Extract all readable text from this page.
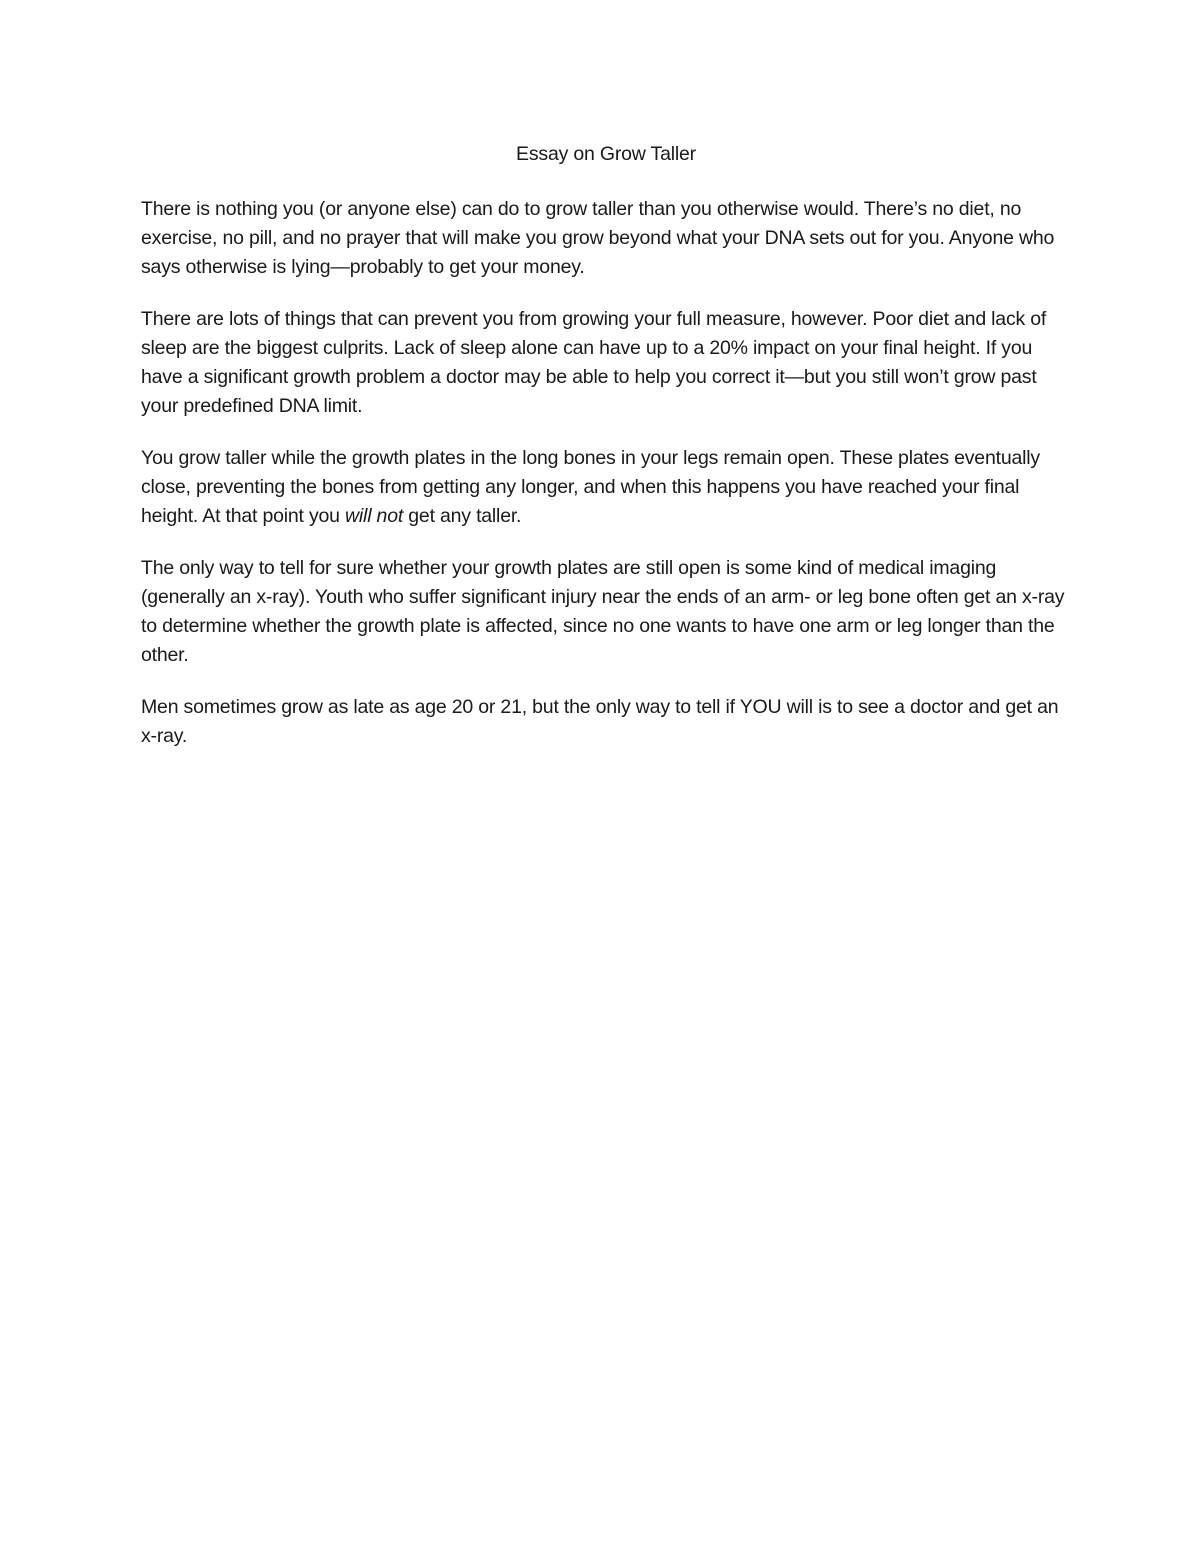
Essay on Grow Taller

There is nothing you (or anyone else) can do to grow taller than you otherwise would. There’s no diet, no exercise, no pill, and no prayer that will make you grow beyond what your DNA sets out for you. Anyone who says otherwise is lying—probably to get your money.

There are lots of things that can prevent you from growing your full measure, however. Poor diet and lack of sleep are the biggest culprits. Lack of sleep alone can have up to a 20% impact on your final height. If you have a significant growth problem a doctor may be able to help you correct it—but you still won’t grow past your predefined DNA limit.

You grow taller while the growth plates in the long bones in your legs remain open. These plates eventually close, preventing the bones from getting any longer, and when this happens you have reached your final height. At that point you will not get any taller.

The only way to tell for sure whether your growth plates are still open is some kind of medical imaging (generally an x-ray). Youth who suffer significant injury near the ends of an arm- or leg bone often get an x-ray to determine whether the growth plate is affected, since no one wants to have one arm or leg longer than the other.

Men sometimes grow as late as age 20 or 21, but the only way to tell if YOU will is to see a doctor and get an x-ray.
